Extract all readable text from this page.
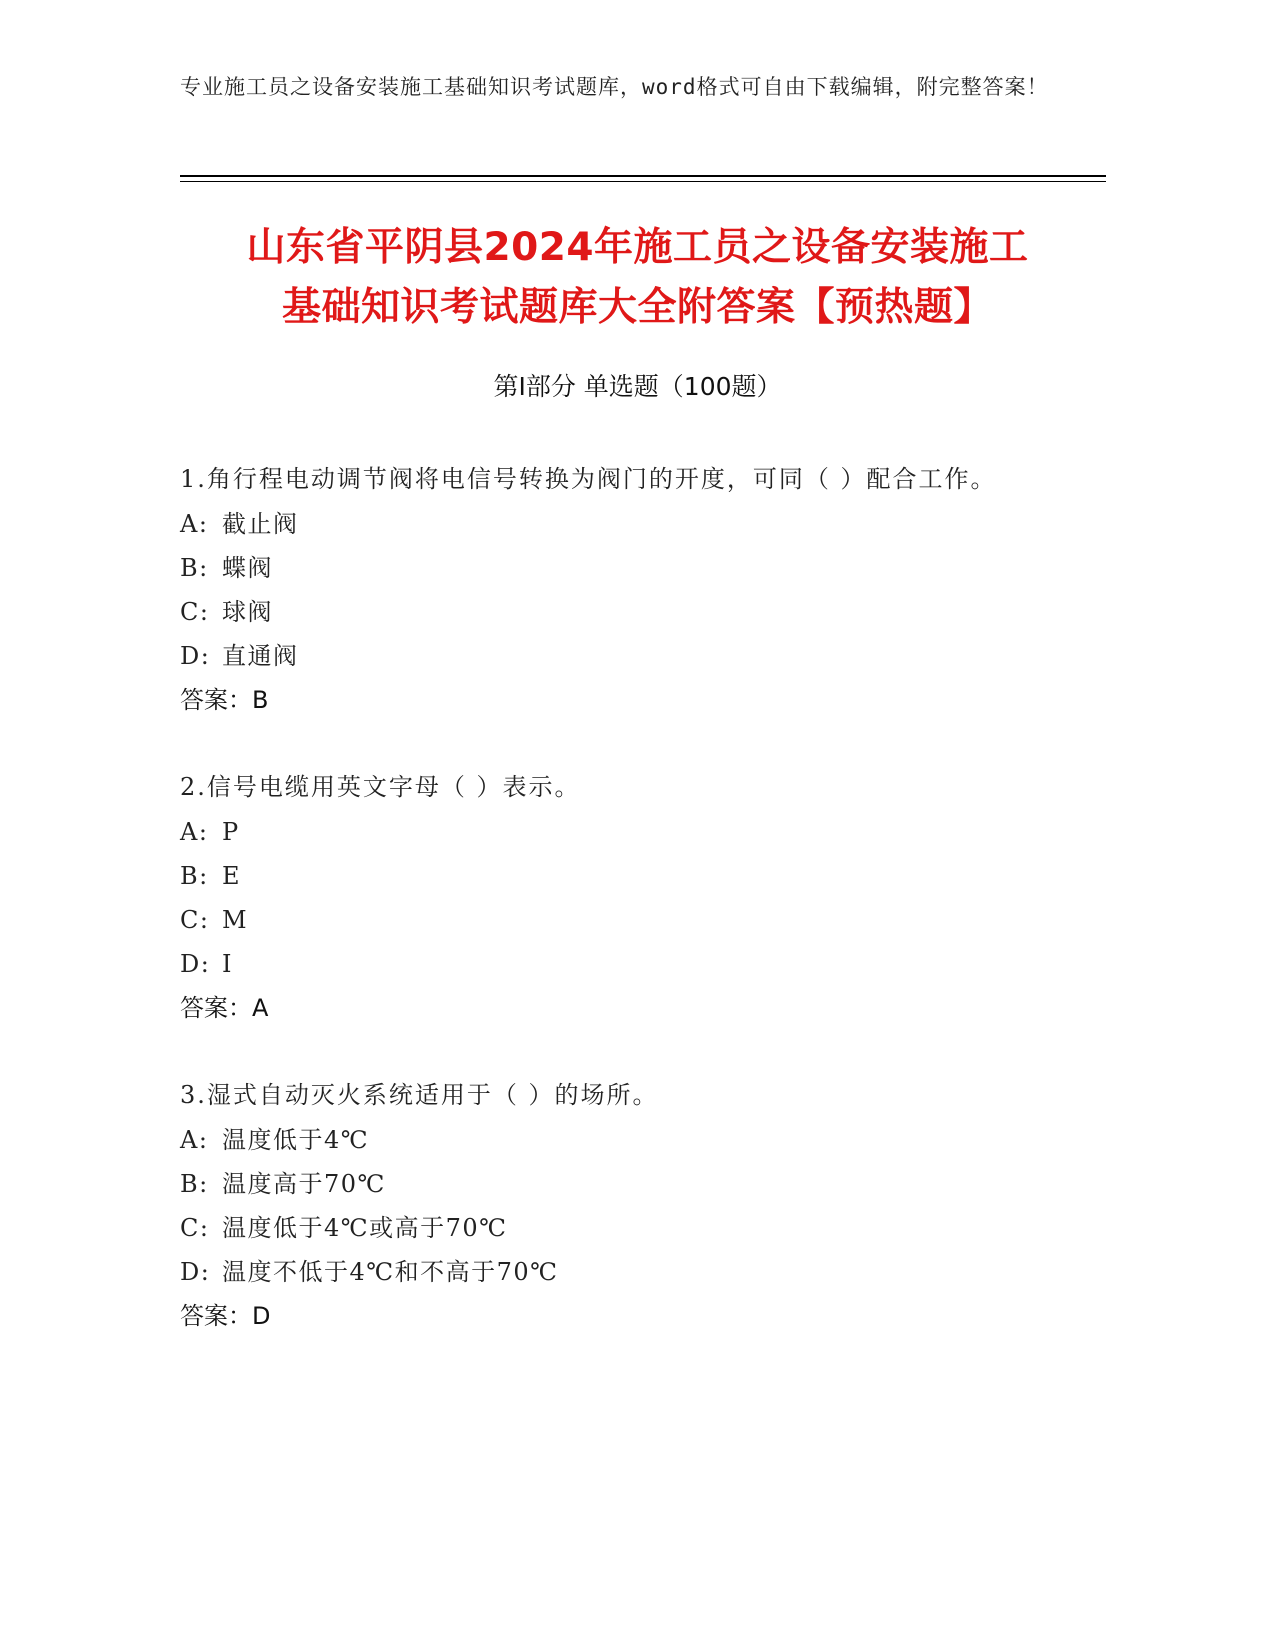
专业施工员之设备安装施工基础知识考试题库，word格式可自由下载编辑，附完整答案！
山东省平阴县2024年施工员之设备安装施工
基础知识考试题库大全附答案【预热题】
第Ⅰ部分 单选题（100题）

1.角行程电动调节阀将电信号转换为阀门的开度，可同（ ）配合工作。

A: 截止阀
B: 蝶阀
C: 球阀
D: 直通阀
答案：B

2.信号电缆用英文字母（ ）表示。

A: P
B: E
C: M
D: I
答案：A

3.湿式自动灭火系统适用于（ ）的场所。

A: 温度低于4℃
B: 温度高于70℃
C: 温度低于4℃或高于70℃
D: 温度不低于4℃和不高于70℃
答案：D
